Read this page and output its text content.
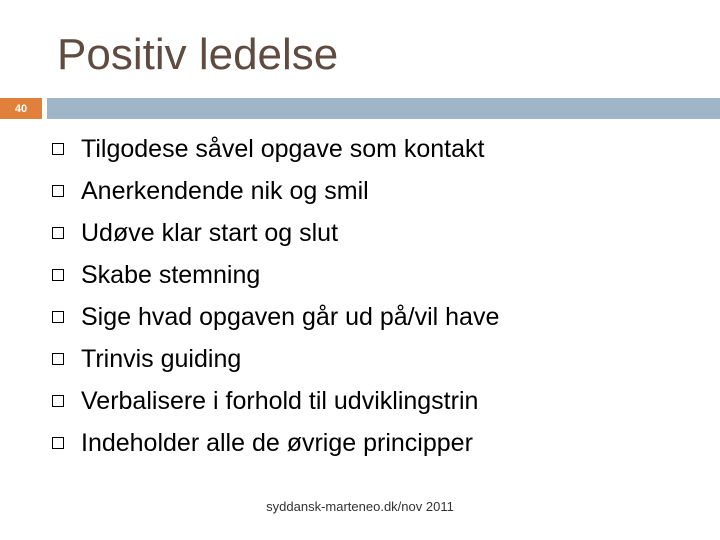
Positiv ledelse
40
Tilgodese såvel opgave som kontakt
Anerkendende nik og smil
Udøve klar start og slut
Skabe stemning
Sige hvad opgaven går ud på/vil have
Trinvis guiding
Verbalisere i forhold til udviklingstrin
Indeholder alle de øvrige principper
syddansk-marteneo.dk/nov 2011
